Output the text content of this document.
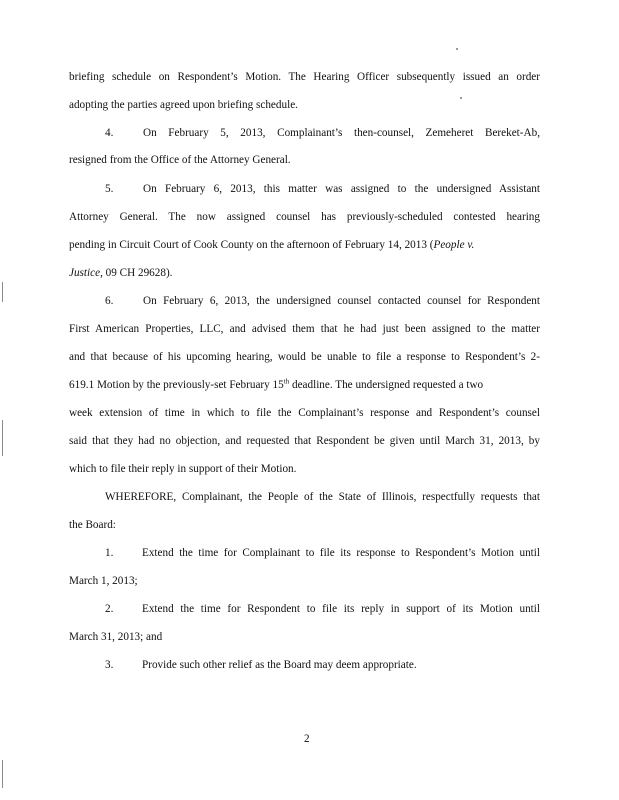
briefing schedule on Respondent’s Motion. The Hearing Officer subsequently issued an order
adopting the parties agreed upon briefing schedule.
4.	On February 5, 2013, Complainant’s then-counsel, Zemeheret Bereket-Ab,
resigned from the Office of the Attorney General.
5.	On February 6, 2013, this matter was assigned to the undersigned Assistant
Attorney General. The now assigned counsel has previously-scheduled contested hearing
pending in Circuit Court of Cook County on the afternoon of February 14, 2013 (People v.
Justice, 09 CH 29628).
6.	On February 6, 2013, the undersigned counsel contacted counsel for Respondent
First American Properties, LLC, and advised them that he had just been assigned to the matter
and that because of his upcoming hearing, would be unable to file a response to Respondent’s 2-
619.1 Motion by the previously-set February 15th deadline. The undersigned requested a two
week extension of time in which to file the Complainant’s response and Respondent’s counsel
said that they had no objection, and requested that Respondent be given until March 31, 2013, by
which to file their reply in support of their Motion.
WHEREFORE, Complainant, the People of the State of Illinois, respectfully requests that
the Board:
1.	Extend the time for Complainant to file its response to Respondent’s Motion until
March 1, 2013;
2.	Extend the time for Respondent to file its reply in support of its Motion until
March 31, 2013; and
3.	Provide such other relief as the Board may deem appropriate.
2
